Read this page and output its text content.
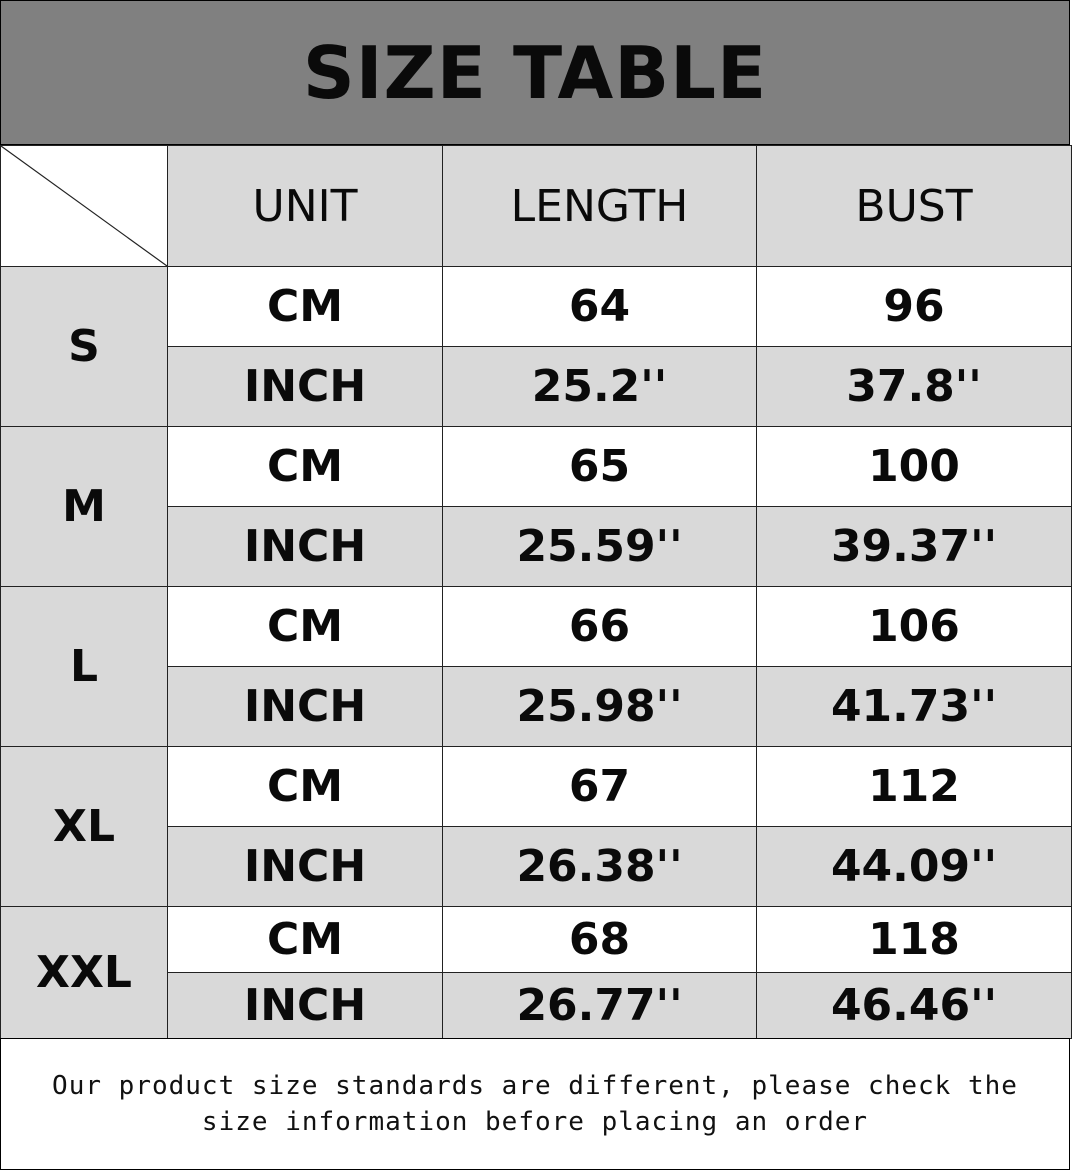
SIZE TABLE
	UNIT	LENGTH	BUST
S	CM	64	96
	INCH	25.2''	37.8''
M	CM	65	100
	INCH	25.59''	39.37''
L	CM	66	106
	INCH	25.98''	41.73''
XL	CM	67	112
	INCH	26.38''	44.09''
XXL	CM	68	118
	INCH	26.77''	46.46''
Our product size standards are different, please check the size information before placing an order
